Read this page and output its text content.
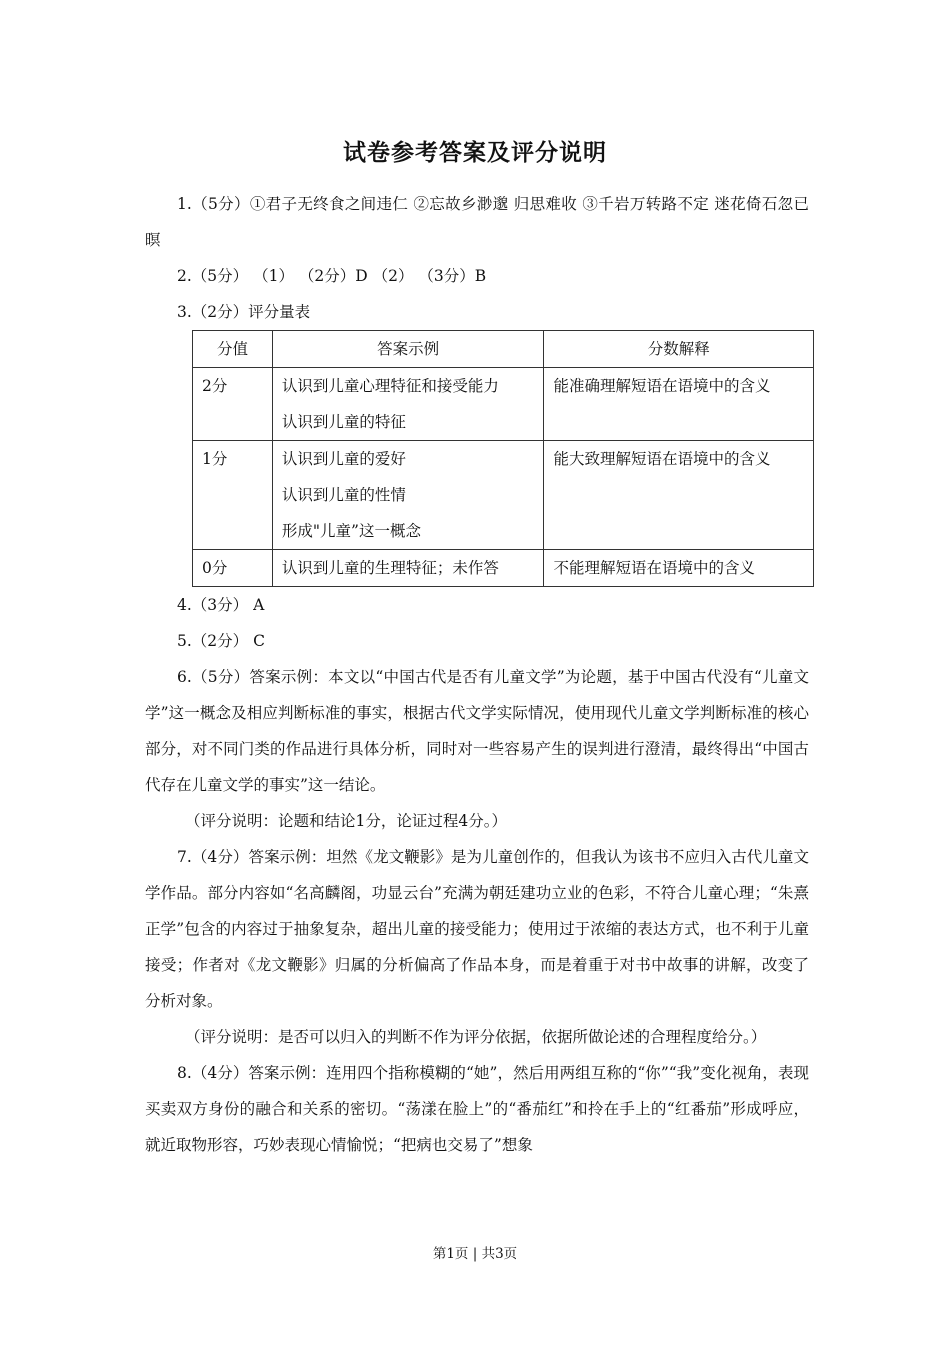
试卷参考答案及评分说明

1.（5分）①君子无终食之间违仁 ②忘故乡渺邈 归思难收 ③千岩万转路不定 迷花倚石忽已暝

2.（5分） （1） （2分）D （2） （3分）B

3.（2分）评分量表

分值	答案示例	分数解释
2分	认识到儿童心理特征和接受能力
认识到儿童的特征	能准确理解短语在语境中的含义
1分	认识到儿童的爱好
认识到儿童的性情
形成"儿童”这一概念	能大致理解短语在语境中的含义
0分	认识到儿童的生理特征；未作答	不能理解短语在语境中的含义

4.（3分） A

5.（2分） C

6.（5分）答案示例：本文以“中国古代是否有儿童文学”为论题，基于中国古代没有“儿童文学”这一概念及相应判断标准的事实，根据古代文学实际情况，使用现代儿童文学判断标准的核心部分，对不同门类的作品进行具体分析，同时对一些容易产生的误判进行澄清，最终得出“中国古代存在儿童文学的事实”这一结论。

（评分说明：论题和结论1分，论证过程4分。）

7.（4分）答案示例：坦然《龙文鞭影》是为儿童创作的，但我认为该书不应归入古代儿童文学作品。部分内容如“名高麟阁，功显云台”充满为朝廷建功立业的色彩，不符合儿童心理；“朱熹正学”包含的内容过于抽象复杂，超出儿童的接受能力；使用过于浓缩的表达方式，也不利于儿童接受；作者对《龙文鞭影》归属的分析偏高了作品本身，而是着重于对书中故事的讲解，改变了分析对象。

（评分说明：是否可以归入的判断不作为评分依据，依据所做论述的合理程度给分。）

8.（4分）答案示例：连用四个指称模糊的“她”，然后用两组互称的“你”“我”变化视角，表现买卖双方身份的融合和关系的密切。“荡漾在脸上”的“番茄红”和拎在手上的“红番茄”形成呼应，就近取物形容，巧妙表现心情愉悦；“把病也交易了”想象

第1页 | 共3页
